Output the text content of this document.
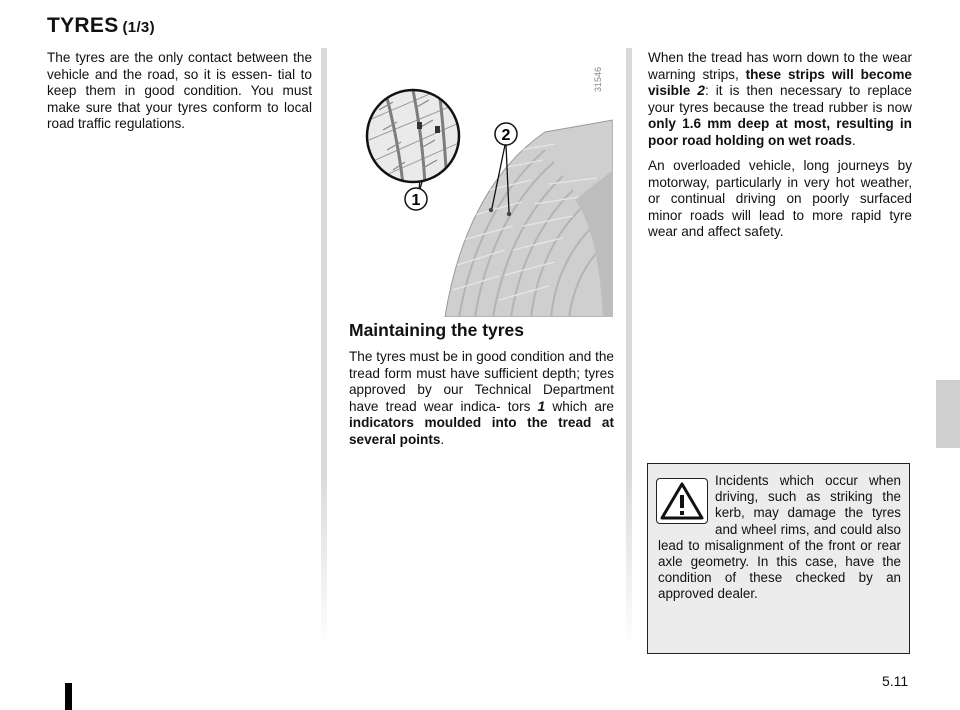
TYRES (1/3)

The tyres are the only contact between the vehicle and the road, so it is essen- tial to keep them in good condition. You must make sure that your tyres conform to local road traffic regulations.

2
1
31546
Maintaining the tyres

The tyres must be in good condition and the tread form must have sufficient depth; tyres approved by our Technical Department have tread wear indica- tors 1 which are indicators moulded into the tread at several points.

When the tread has worn down to the wear warning strips, these strips will become visible 2: it is then necessary to replace your tyres because the tread rubber is now only 1.6 mm deep at most, resulting in poor road holding on wet roads.

An overloaded vehicle, long journeys by motorway, particularly in very hot weather, or continual driving on poorly surfaced minor roads will lead to more rapid tyre wear and affect safety.

Incidents which occur when driving, such as striking the kerb, may damage the tyres and wheel rims, and could also lead to misalignment of the front or rear axle geometry. In this case, have the condition of these checked by an approved dealer.

5.11
